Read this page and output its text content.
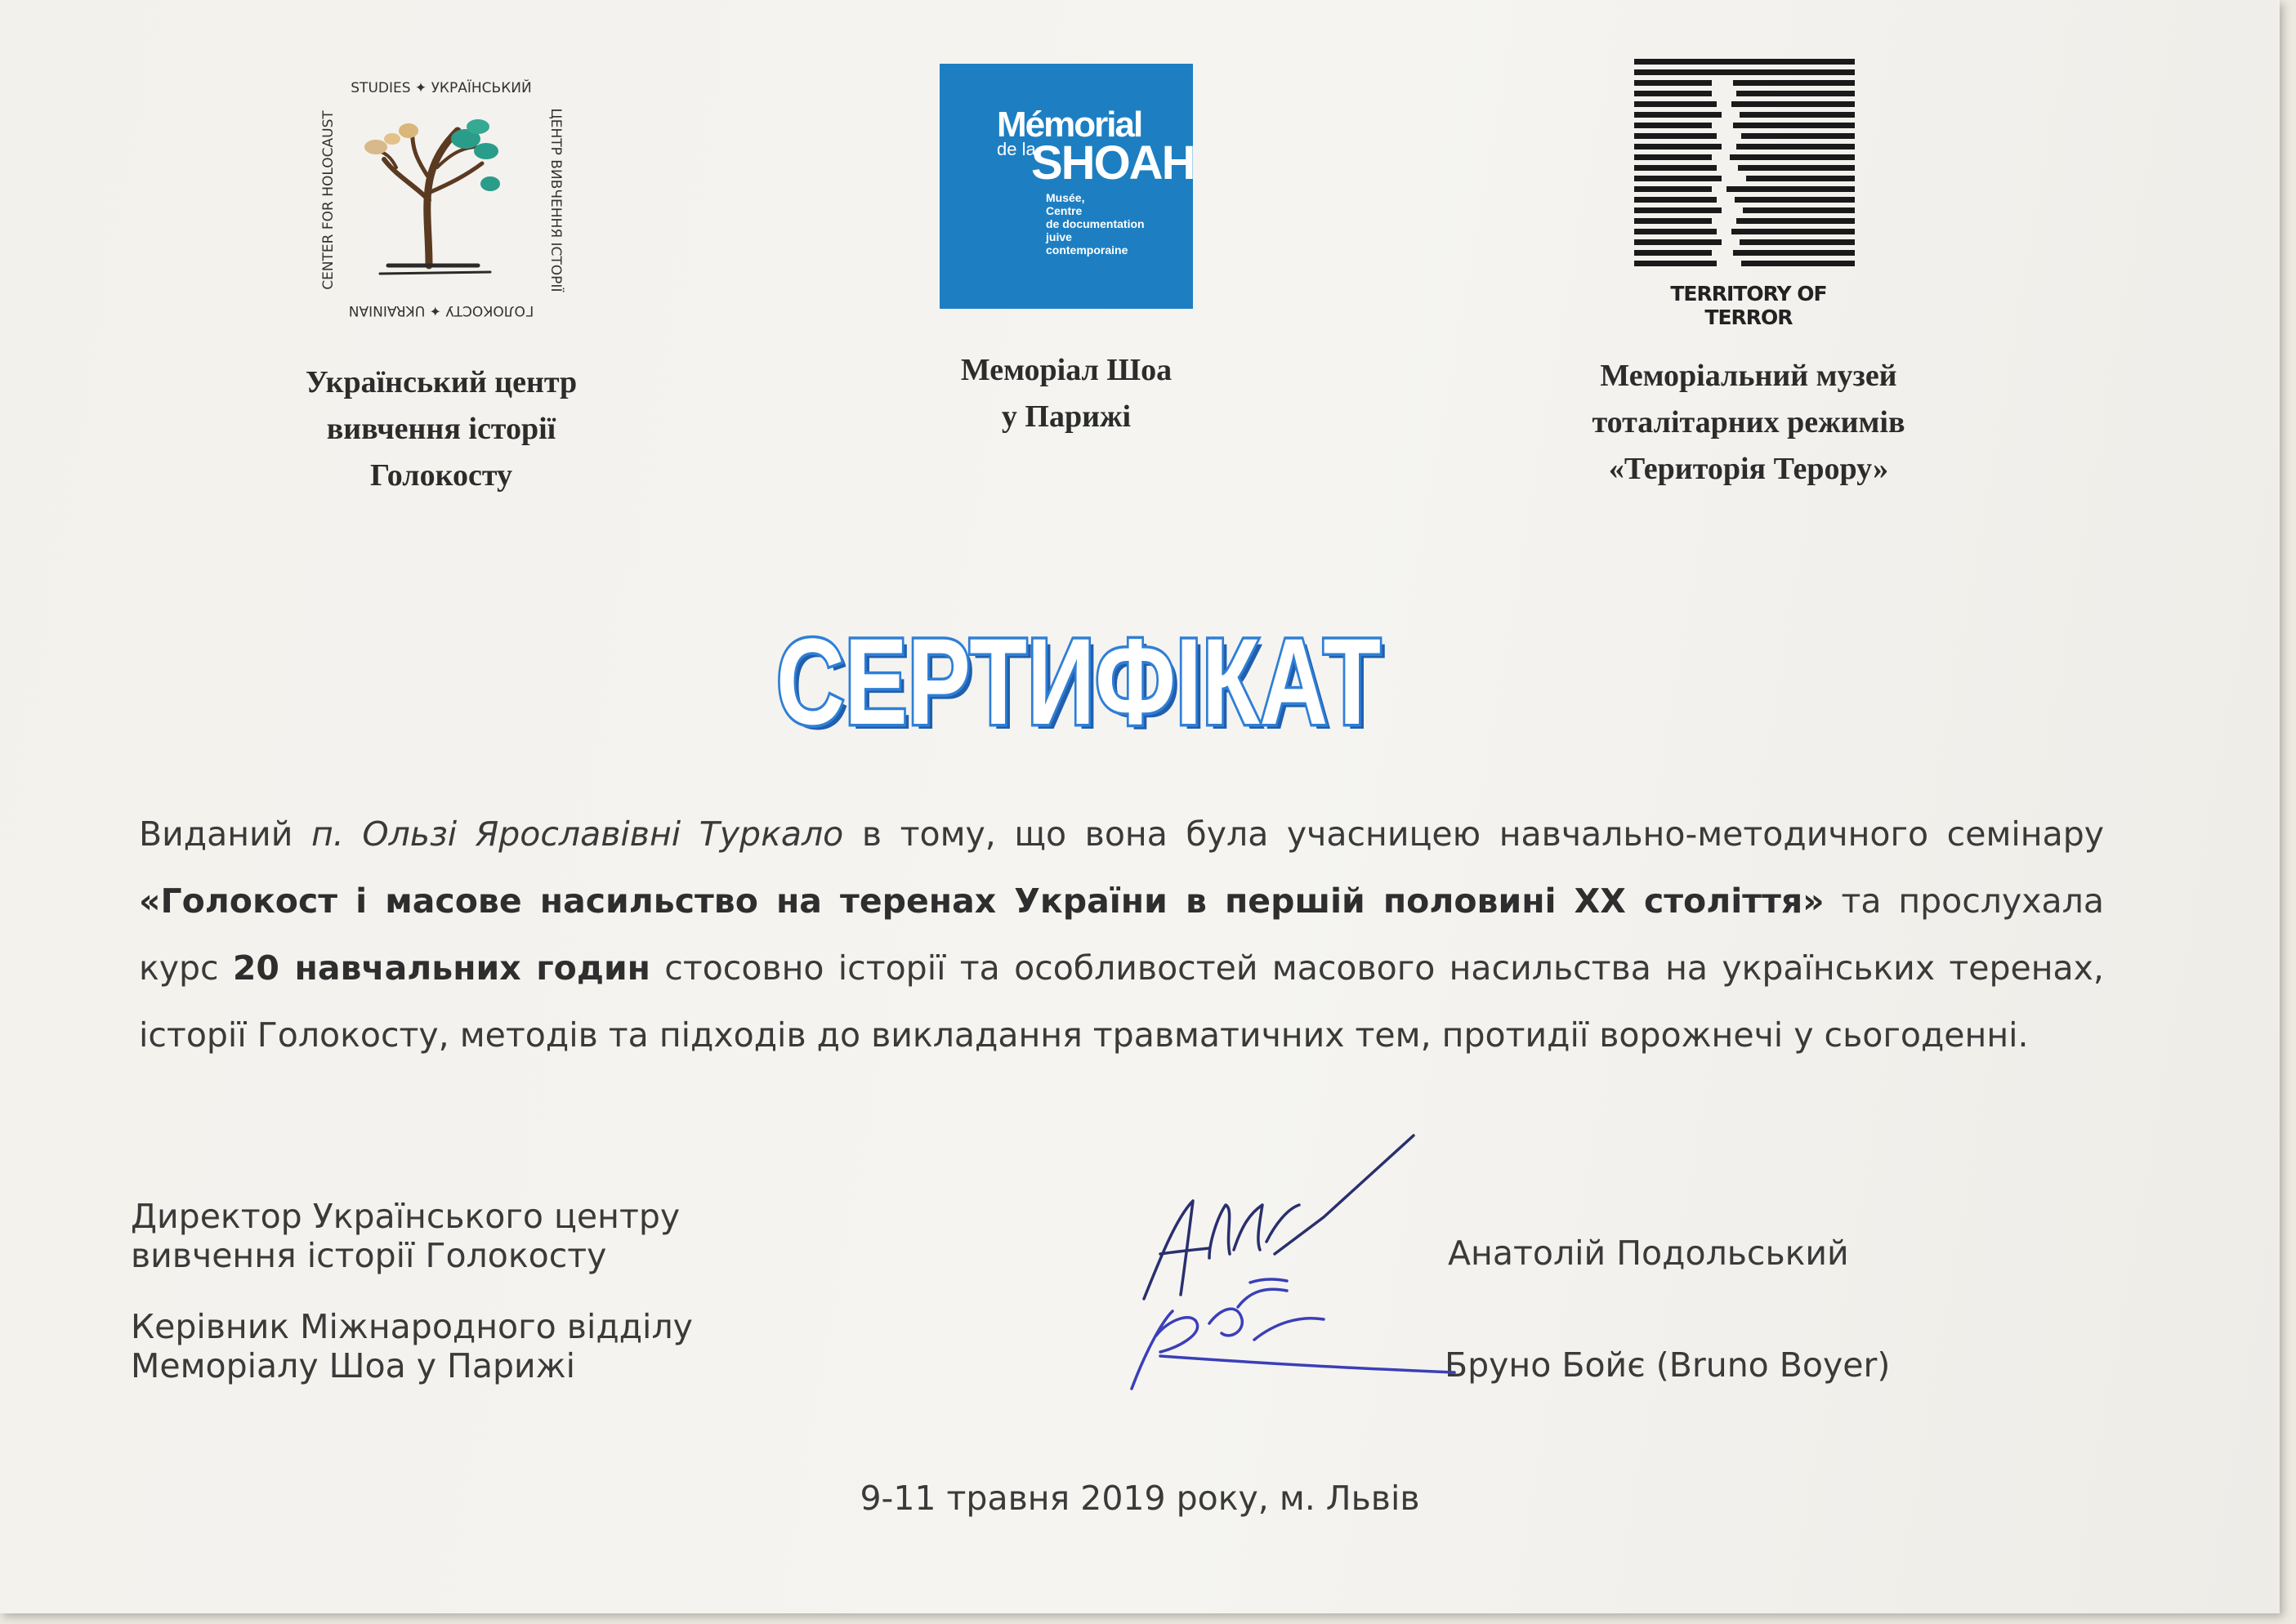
STUDIES ✦ УКРАЇНСЬКИЙ
ЦЕНТР ВИВЧЕННЯ ІСТОРІЇ
ГОЛОКОСТУ ✦ UKRAINIAN
CENTER FOR HOLOCAUST	Mémorial
de la
SHOAH
Musée,
Centre
de documentation
juive
contemporaine
TERRITORY OF TERROR
Український центр
вивчення історії
Голокосту
Меморіал Шоа
у Парижі
Меморіальний музей
тоталітарних режимів
«Територія Терору»
СЕРТИФІКАТ
СЕРТИФІКАТ
Виданий п. Ользі Ярославівні Туркало в тому, що вона була учасницею навчально-методичного семінару «Голокост і масове насильство на теренах України в першій половині ХХ століття» та прослухала курс 20 навчальних годин стосовно історії та особливостей масового насильства на українських теренах, історії Голокосту, методів та підходів до викладання травматичних тем, протидії ворожнечі у сьогоденні.
Директор Українського центру
вивчення історії Голокосту
Керівник Міжнародного відділу
Меморіалу Шоа у Парижі
Анатолій Подольський
Бруно Бойє (Bruno Boyer)
9-11 травня 2019 року, м. Львів
